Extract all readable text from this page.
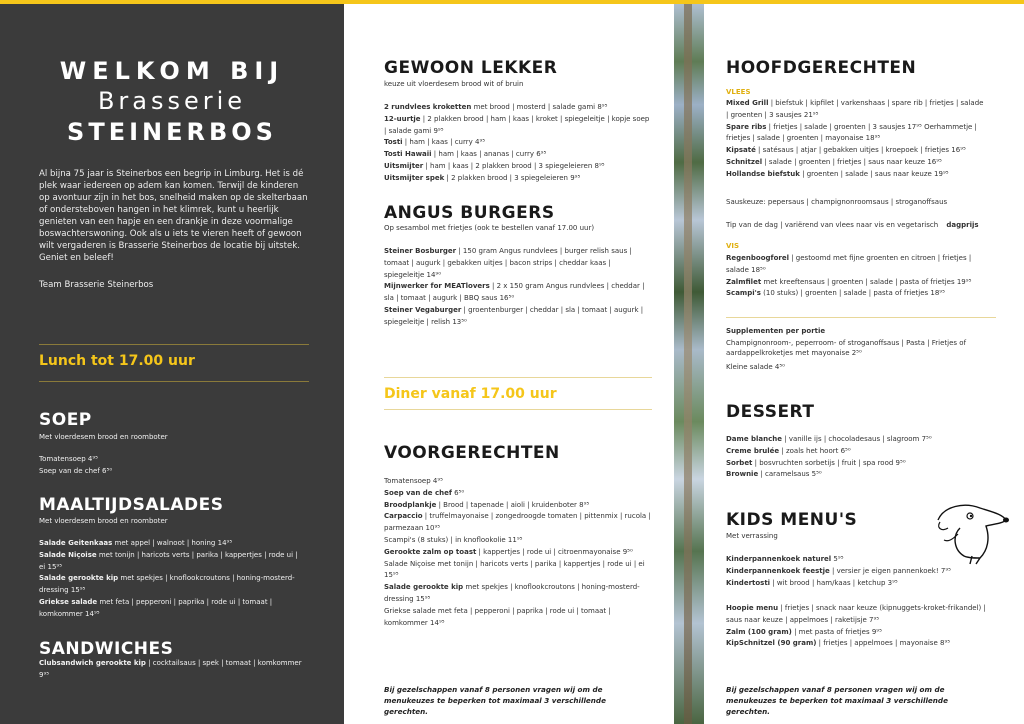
WELKOM BIJ
Brasserie
STEINERBOS
Al bijna 75 jaar is Steinerbos een begrip in Limburg. Het is dé plek waar iedereen op adem kan komen. Terwijl de kinderen op avontuur zijn in het bos, snelheid maken op de skelterbaan of ondersteboven hangen in het klimrek, kunt u heerlijk genieten van een hapje en een drankje in deze voormalige boswachterswoning. Ook als u iets te vieren heeft of gewoon wilt vergaderen is Brasserie Steinerbos de locatie bij uitstek. Geniet en beleef!
Team Brasserie Steinerbos
Lunch tot 17.00 uur
SOEP
Met vloerdesem brood en roomboter
Tomatensoep 4⁹⁵
Soep van de chef 6⁵⁰
MAALTIJDSALADES
Met vloerdesem brood en roomboter
Salade Geitenkaas met appel | walnoot | honing 14⁹⁵
Salade Niçoise met tonijn | haricots verts | parika | kappertjes | rode ui | ei 15⁹⁵
Salade gerookte kip met spekjes | knoflookcroutons | honing-mosterd-dressing 15⁹⁵
Griekse salade met feta | pepperoni | paprika | rode ui | tomaat | komkommer 14⁹⁵
SANDWICHES
Clubsandwich gerookte kip | cocktailsaus | spek | tomaat | komkommer 9⁹⁵
GEWOON LEKKER
keuze uit vloerdesem brood wit of bruin
2 rundvlees kroketten met brood | mosterd | salade gami 8⁹⁵
12-uurtje | 2 plakken brood | ham | kaas | kroket | spiegeleitje | kopje soep | salade gami 9⁹⁵
Tosti | ham | kaas | curry 4⁹⁵
Tosti Hawaii | ham | kaas | ananas | curry 6⁹⁵
Uitsmijter | ham | kaas | 2 plakken brood | 3 spiegeleieren 8⁹⁵
Uitsmijter spek | 2 plakken brood | 3 spiegeleieren 9⁹⁵
ANGUS BURGERS
Op sesambol met frietjes (ook te bestellen vanaf 17.00 uur)
Steiner Bosburger | 150 gram Angus rundvlees | burger relish saus | tomaat | augurk | gebakken uitjes | bacon strips | cheddar kaas | spiegeleitje 14⁹⁰
Mijnwerker for MEATlovers | 2 x 150 gram Angus rundvlees | cheddar | sla | tomaat | augurk | BBQ saus 16⁵⁰
Steiner Vegaburger | groentenburger | cheddar | sla | tomaat | augurk | spiegeleitje | relish 13⁵⁰
Diner vanaf 17.00 uur
VOORGERECHTEN
Tomatensoep 4⁹⁵
Soep van de chef 6⁵⁰
Broodplankje | Brood | tapenade | aioli | kruidenboter 8⁹⁵
Carpaccio | truffelmayonaise | zongedroogde tomaten | pittenmix | rucola | parmezaan 10⁹⁵
Scampi's (8 stuks) | in knoflookolie 11⁹⁵
Gerookte zalm op toast | kappertjes | rode ui | citroenmayonaise 9⁵⁰
Salade Niçoise met tonijn | haricots verts | parika | kappertjes | rode ui | ei 15⁹⁵
Salade gerookte kip met spekjes | knoflookcroutons | honing-mosterd-dressing 15⁹⁵
Griekse salade met feta | pepperoni | paprika | rode ui | tomaat | komkommer 14⁹⁵
Bij gezelschappen vanaf 8 personen vragen wij om de menukeuzes te beperken tot maximaal 3 verschillende gerechten.
HOOFDGERECHTEN
VLEES
Mixed Grill | biefstuk | kipfilet | varkenshaas | spare rib | frietjes | salade | groenten | 3 sausjes 21⁹⁵
Spare ribs | frietjes | salade | groenten | 3 sausjes 17⁹⁵ Oerhammetje | frietjes | salade | groenten | mayonaise 18⁹⁵
Kipsaté | satésaus | atjar | gebakken uitjes | kroepoek | frietjes 16⁹⁵
Schnitzel | salade | groenten | frietjes | saus naar keuze 16⁹⁵
Hollandse biefstuk | groenten | salade | saus naar keuze 19⁹⁵
Sauskeuze: pepersaus | champignonroomsaus | stroganoffsaus
Tip van de dag | variërend van vlees naar vis en vegetarisch dagprijs
VIS
Regenboogforel | gestoomd met fijne groenten en citroen | frietjes | salade 18⁵⁰
Zalmfilet met kreeftensaus | groenten | salade | pasta of frietjes 19⁹⁵
Scampi's (10 stuks) | groenten | salade | pasta of frietjes 18⁹⁵
Supplementen per portie
Champignonroom-, peperroom- of stroganoffsaus | Pasta | Frietjes of aardappelkroketjes met mayonaise 2⁵⁰
Kleine salade 4⁵⁰
DESSERT
Dame blanche | vanille ijs | chocoladesaus | slagroom 7⁵⁰
Creme brulée | zoals het hoort 6⁵⁰
Sorbet | bosvruchten sorbetijs | fruit | spa rood 9⁵⁰
Brownie | caramelsaus 5⁵⁰
KIDS MENU'S
Met verrassing
Kinderpannenkoek naturel 5⁹⁵
Kinderpannenkoek feestje | versier je eigen pannenkoek! 7⁹⁵
Kindertosti | wit brood | ham/kaas | ketchup 3⁹⁵
Hoopie menu | frietjes | snack naar keuze (kipnuggets-kroket-frikandel) | saus naar keuze | appelmoes | raketijsje 7⁹⁵
Zalm (100 gram) | met pasta of frietjes 9⁹⁵
KipSchnitzel (90 gram) | frietjes | appelmoes | mayonaise 8⁹⁵
Bij gezelschappen vanaf 8 personen vragen wij om de menukeuzes te beperken tot maximaal 3 verschillende gerechten.
